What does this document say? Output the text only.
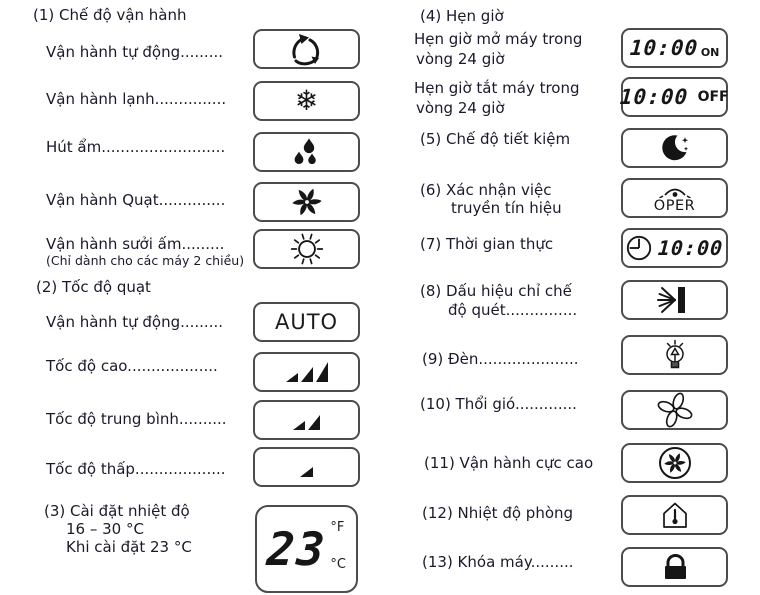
(1) Chế độ vận hành
Vận hành tự động.........
Vận hành lạnh............... ❄
Hút ẩm..........................
Vận hành Quạt..............
Vận hành sưởi ấm.........
(Chỉ dành cho các máy 2 chiều)
(2) Tốc độ quạt
Vận hành tự động......... AUTO
Tốc độ cao...................
Tốc độ trung bình..........
Tốc độ thấp...................
(3) Cài đặt nhiệt độ
16 – 30 °C
Khi cài đặt 23 °C 23 °F
°C
(4) Hẹn giờ
Hẹn giờ mở máy trong
vòng 24 giờ	10:00 ON
Hẹn giờ tắt máy trong
vòng 24 giờ	10:00 OFF
(5) Chế độ tiết kiệm
(6) Xác nhận việc
truyền tín hiệu	OPER
(7) Thời gian thực	10:00
(8) Dấu hiệu chỉ chế
độ quét...............
(9) Đèn.....................
(10) Thổi gió.............
(11) Vận hành cực cao
(12) Nhiệt độ phòng
(13) Khóa máy.........
